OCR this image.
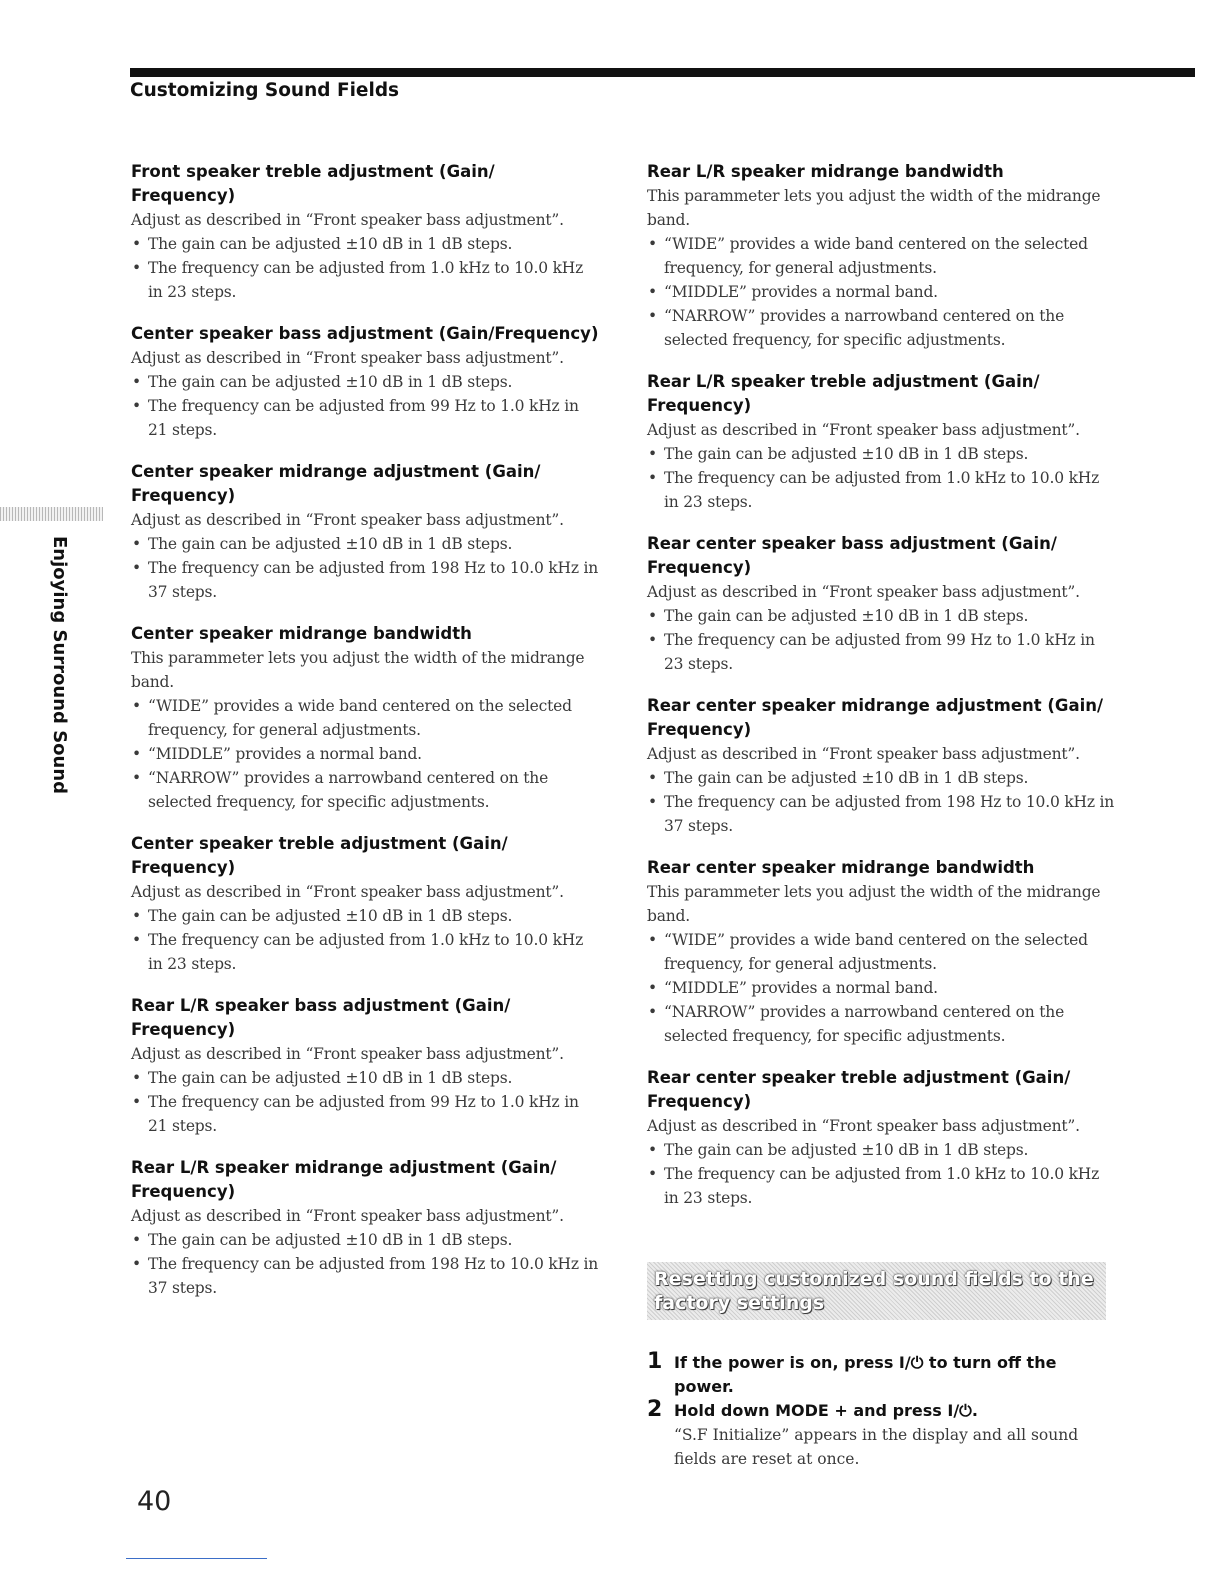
Customizing Sound Fields
Enjoying Surround Sound
Front speaker treble adjustment (Gain/
Frequency)
Adjust as described in “Front speaker bass adjustment”.
• The gain can be adjusted ±10 dB in 1 dB steps.
• The frequency can be adjusted from 1.0 kHz to 10.0 kHz in 23 steps.
Center speaker bass adjustment (Gain/Frequency)
Adjust as described in “Front speaker bass adjustment”.
• The gain can be adjusted ±10 dB in 1 dB steps.
• The frequency can be adjusted from 99 Hz to 1.0 kHz in 21 steps.
Center speaker midrange adjustment (Gain/
Frequency)
Adjust as described in “Front speaker bass adjustment”.
• The gain can be adjusted ±10 dB in 1 dB steps.
• The frequency can be adjusted from 198 Hz to 10.0 kHz in 37 steps.
Center speaker midrange bandwidth
This parammeter lets you adjust the width of the midrange band.
• “WIDE” provides a wide band centered on the selected frequency, for general adjustments.
• “MIDDLE” provides a normal band.
• “NARROW” provides a narrowband centered on the selected frequency, for specific adjustments.
Center speaker treble adjustment (Gain/
Frequency)
Adjust as described in “Front speaker bass adjustment”.
• The gain can be adjusted ±10 dB in 1 dB steps.
• The frequency can be adjusted from 1.0 kHz to 10.0 kHz in 23 steps.
Rear L/R speaker bass adjustment (Gain/
Frequency)
Adjust as described in “Front speaker bass adjustment”.
• The gain can be adjusted ±10 dB in 1 dB steps.
• The frequency can be adjusted from 99 Hz to 1.0 kHz in 21 steps.
Rear L/R speaker midrange adjustment (Gain/
Frequency)
Adjust as described in “Front speaker bass adjustment”.
• The gain can be adjusted ±10 dB in 1 dB steps.
• The frequency can be adjusted from 198 Hz to 10.0 kHz in 37 steps.
Rear L/R speaker midrange bandwidth
This parammeter lets you adjust the width of the midrange band.
• “WIDE” provides a wide band centered on the selected frequency, for general adjustments.
• “MIDDLE” provides a normal band.
• “NARROW” provides a narrowband centered on the selected frequency, for specific adjustments.
Rear L/R speaker treble adjustment (Gain/
Frequency)
Adjust as described in “Front speaker bass adjustment”.
• The gain can be adjusted ±10 dB in 1 dB steps.
• The frequency can be adjusted from 1.0 kHz to 10.0 kHz in 23 steps.
Rear center speaker bass adjustment (Gain/
Frequency)
Adjust as described in “Front speaker bass adjustment”.
• The gain can be adjusted ±10 dB in 1 dB steps.
• The frequency can be adjusted from 99 Hz to 1.0 kHz in 23 steps.
Rear center speaker midrange adjustment (Gain/
Frequency)
Adjust as described in “Front speaker bass adjustment”.
• The gain can be adjusted ±10 dB in 1 dB steps.
• The frequency can be adjusted from 198 Hz to 10.0 kHz in 37 steps.
Rear center speaker midrange bandwidth
This parammeter lets you adjust the width of the midrange band.
• “WIDE” provides a wide band centered on the selected frequency, for general adjustments.
• “MIDDLE” provides a normal band.
• “NARROW” provides a narrowband centered on the selected frequency, for specific adjustments.
Rear center speaker treble adjustment (Gain/
Frequency)
Adjust as described in “Front speaker bass adjustment”.
• The gain can be adjusted ±10 dB in 1 dB steps.
• The frequency can be adjusted from 1.0 kHz to 10.0 kHz in 23 steps.
Resetting customized sound fields to the
factory settings
1 If the power is on, press I/⏻ to turn off the power.
2 Hold down MODE + and press I/⏻.
“S.F Initialize” appears in the display and all sound fields are reset at once.
40
